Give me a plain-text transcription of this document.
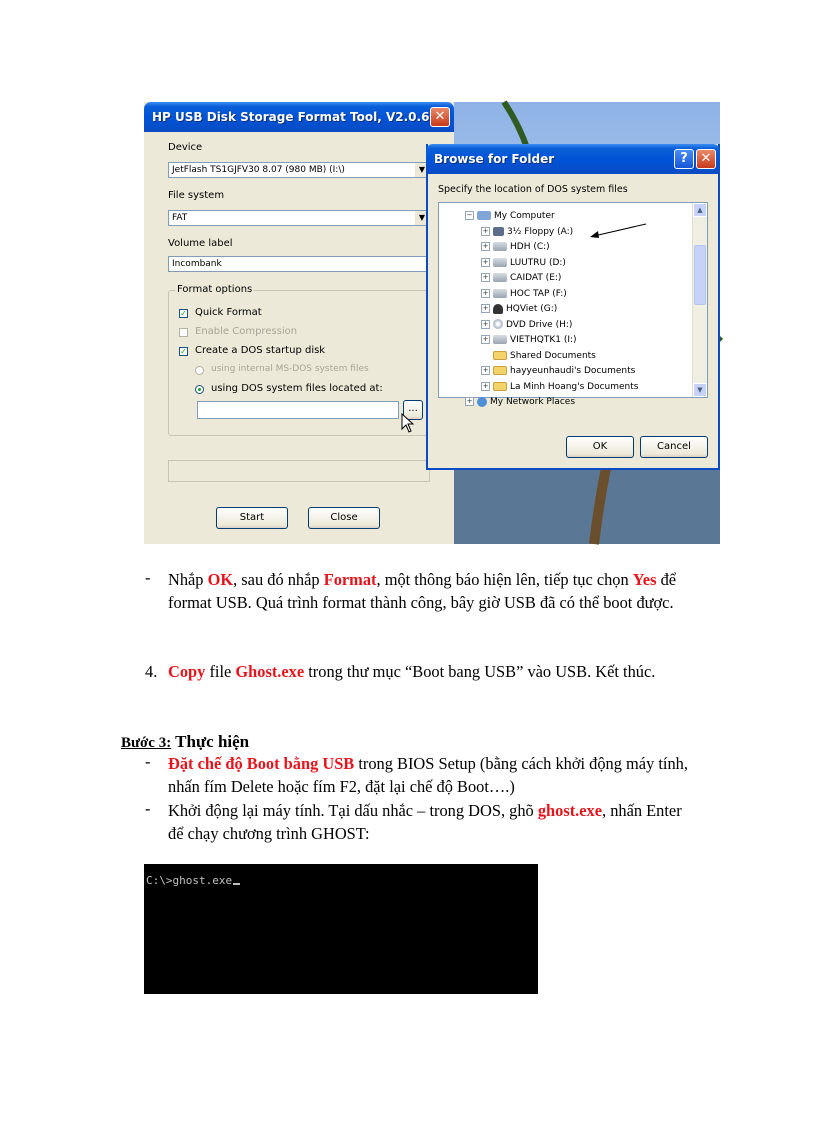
HP USB Disk Storage Format Tool, V2.0.6 ✕
Device
JetFlash TS1GJFV30 8.07 (980 MB) (I:\)	▼
File system
FAT	▼
Volume label
Incombank
Format options
✓ Quick Format
Enable Compression
✓ Create a DOS startup disk
using internal MS-DOS system files
using DOS system files located at:
...
Start	Close
Browse for Folder	? ✕
Specify the location of DOS system files
− My Computer
+ 3½ Floppy (A:)
+ HDH (C:)
+ LUUTRU (D:)
+ CAIDAT (E:)
+ HOC TAP (F:)
+ HQViet (G:)
+ DVD Drive (H:)
+ VIETHQTK1 (I:)
Shared Documents
+ hayyeunhaudi's Documents
+ La Minh Hoang's Documents
+ My Network Places
▲
▼
OK	Cancel
- Nhắp OK, sau đó nhắp Format, một thông báo hiện lên, tiếp tục chọn Yes để format USB. Quá trình format thành công, bây giờ USB đã có thể boot được.
4. Copy file Ghost.exe trong thư mục “Boot bang USB” vào USB. Kết thúc.
Bước 3: Thực hiện
- Đặt chế độ Boot bằng USB trong BIOS Setup (bằng cách khởi động máy tính, nhấn fím Delete hoặc fím F2, đặt lại chế độ Boot….)
- Khởi động lại máy tính. Tại dấu nhắc – trong DOS, ghõ ghost.exe, nhấn Enter để chạy chương trình GHOST:
C:\>ghost.exe
